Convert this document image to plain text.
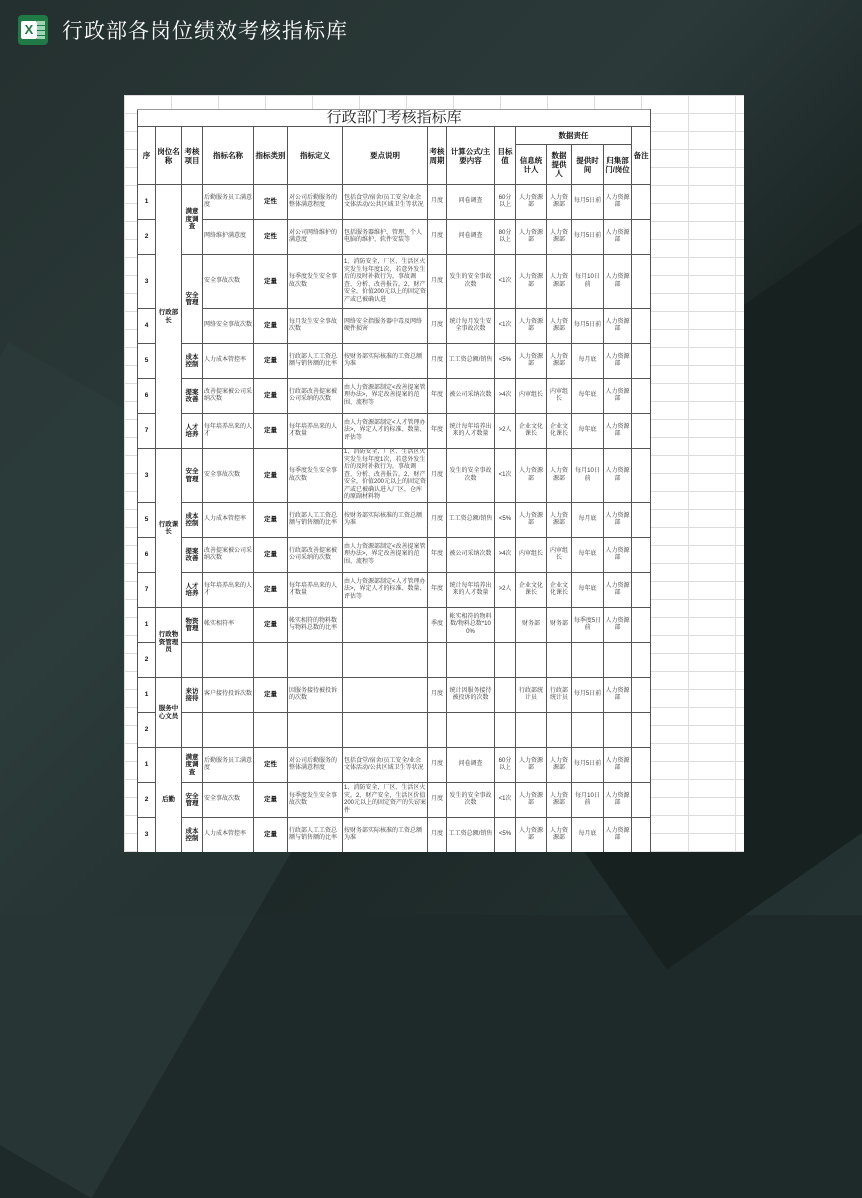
X 行政部各岗位绩效考核指标库
行政部门考核指标库														
序	岗位名称	考核项目	指标名称	指标类别	指标定义	要点说明	考核周期	计算公式/主要内容	目标值	数据责任				备注
										信息统计人	数据提供人	提供时间	归集部门/岗位	
1	行政部长	满意度调查	后勤服务员工满意度	定性	对公司后勤服务的整体满意程度	包括食堂/宿舍/员工安全/业余文体活动/公共区域卫生等状况	月度	问卷调查	60分以上	人力资源部	人力资源部	每月5日前	人力资源部	
2			网络维护满意度	定性	对公司网络维护的满意度	包括服务器维护、管理，个人电脑的维护、软件安装等	月度	问卷调查	80分以上	人力资源部	人力资源部	每月5日前	人力资源部	
3		安全管理	安全事故次数	定量	每季度发生安全事故次数	1、消防安全，厂区、生活区火灾发生每年度1次，若意外发生后的及时补救行为，事故调查、分析、改善报告。2、财产安全，价值200元以上的固定资产或已被确认进	月度	发生的安全事故次数	<1次	人力资源部	人力资源部	每月10日前	人力资源部	
4			网络安全事故次数	定量	每月发生安全事故次数	网络安全指服务器中毒及网络硬件损害	月度	统计每月发生安全事故次数	<1次	人力资源部	人力资源部	每月5日前	人力资源部	
5		成本控制	人力成本管控率	定量	行政部人工工资总额与销售额的比率	按财务部实际核准的工资总额为准	月度	工工资总额/销售	<5%	人力资源部	人力资源部	每月底	人力资源部	
6		提案改善	改善提案被公司采纳次数	定量	行政部改善提案被公司采纳的次数	由人力资源部制定<改善提案管理办法>，界定改善提案的范围、流程等	年度	被公司采纳次数	>4次	内审组长	内审组长	每年底	人力资源部	
7		人才培养	每年培养出来的人才	定量	每年培养出来的人才数量	由人力资源部制定<人才管理办法>，界定人才的标准、数量、评估等	年度	统计每年培养出来的人才数量	>2人	企业文化课长	企业文化课长	每年底	人力资源部	
3	行政课长	安全管理	安全事故次数	定量	每季度发生安全事故次数	1、消防安全，厂区、生活区火灾发生每年度1次，若意外发生后的及时补救行为，事故调查、分析、改善报告。2、财产安全，价值200元以上的固定资产或已被确认进入厂区，仓库的原副材料物	月度	发生的安全事故次数	<1次	人力资源部	人力资源部	每月10日前	人力资源部	
5		成本控制	人力成本管控率	定量	行政部人工工资总额与销售额的比率	按财务部实际核准的工资总额为准	月度	工工资总额/销售	<5%	人力资源部	人力资源部	每月底	人力资源部	
6		提案改善	改善提案被公司采纳次数	定量	行政部改善提案被公司采纳的次数	由人力资源部制定<改善提案管理办法>，界定改善提案的范围、流程等	年度	被公司采纳次数	>4次	内审组长	内审组长	每年底	人力资源部	
7		人才培养	每年培养出来的人才	定量	每年培养出来的人才数量	由人力资源部制定<人才管理办法>，界定人才的标准、数量、评估等	年度	统计每年培养出来的人才数量	>2人	企业文化课长	企业文化课长	每年底	人力资源部	
1	行政物资管理员	物资管理	帐实相符率	定量	帐实相符的物料数与物料总数的比率		季度	帐实相符的物料数/物料总数*100%		财务部	财务部	每季度5日前	人力资源部	
2														
1	服务中心文员	来访接待	客户接待投诉次数	定量	因服务接待被投诉的次数		月度	统计因服务接待被投诉的次数		行政部统计员	行政部统计员	每月5日前	人力资源部	
2														
1	后勤	满意度调查	后勤服务员工满意度	定性	对公司后勤服务的整体满意程度	包括食堂/宿舍/员工安全/业余文体活动/公共区域卫生等状况	月度	问卷调查	60分以上	人力资源部	人力资源部	每月5日前	人力资源部	
2		安全管理	安全事故次数	定量	每季度发生安全事故次数	1、消防安全，厂区、生活区火灾。2、财产安全，生活区价值200元以上的固定资产的失窃案件	月度	发生的安全事故次数	<1次	人力资源部	人力资源部	每月10日前	人力资源部	
3		成本控制	人力成本管控率	定量	行政部人工工资总额与销售额的比率	按财务部实际核准的工资总额为准	月度	工工资总额/销售	<5%	人力资源部	人力资源部	每月底	人力资源部	
